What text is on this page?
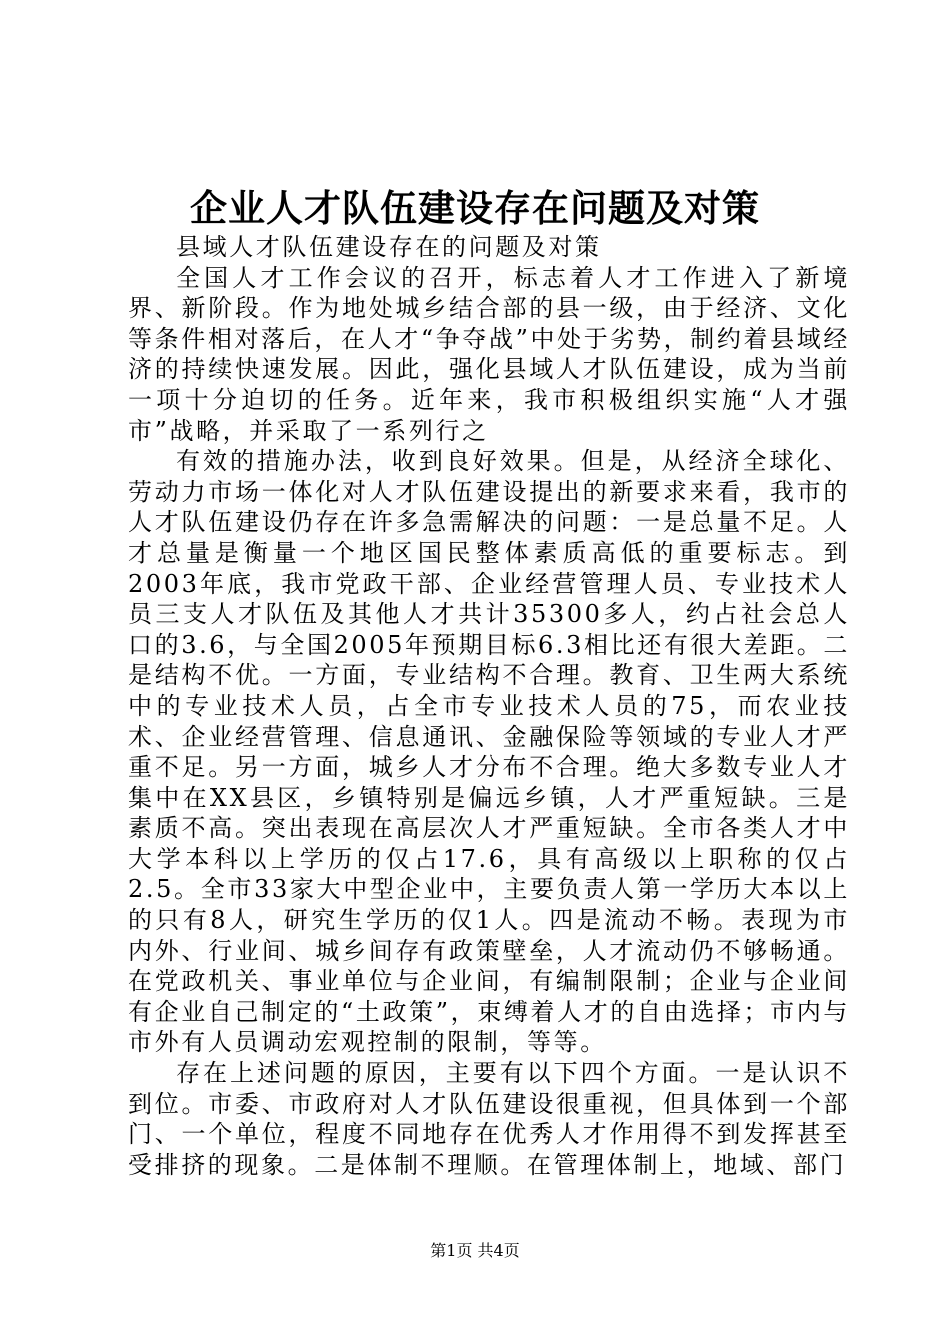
企业人才队伍建设存在问题及对策

县域人才队伍建设存在的问题及对策

全国人才工作会议的召开，标志着人才工作进入了新境界、新阶段。作为地处城乡结合部的县一级，由于经济、文化等条件相对落后，在人才“争夺战”中处于劣势，制约着县域经济的持续快速发展。因此，强化县域人才队伍建设，成为当前一项十分迫切的任务。近年来，我市积极组织实施“人才强市”战略，并采取了一系列行之

有效的措施办法，收到良好效果。但是，从经济全球化、劳动力市场一体化对人才队伍建设提出的新要求来看，我市的人才队伍建设仍存在许多急需解决的问题：一是总量不足。人才总量是衡量一个地区国民整体素质高低的重要标志。到2003年底，我市党政干部、企业经营管理人员、专业技术人员三支人才队伍及其他人才共计35300多人，约占社会总人口的3.6，与全国2005年预期目标6.3相比还有很大差距。二是结构不优。一方面，专业结构不合理。教育、卫生两大系统中的专业技术人员，占全市专业技术人员的75，而农业技术、企业经营管理、信息通讯、金融保险等领域的专业人才严重不足。另一方面，城乡人才分布不合理。绝大多数专业人才集中在XX县区，乡镇特别是偏远乡镇，人才严重短缺。三是素质不高。突出表现在高层次人才严重短缺。全市各类人才中大学本科以上学历的仅占17.6，具有高级以上职称的仅占2.5。全市33家大中型企业中，主要负责人第一学历大本以上的只有8人，研究生学历的仅1人。四是流动不畅。表现为市内外、行业间、城乡间存有政策壁垒，人才流动仍不够畅通。在党政机关、事业单位与企业间，有编制限制；企业与企业间有企业自己制定的“土政策”，束缚着人才的自由选择；市内与市外有人员调动宏观控制的限制，等等。

存在上述问题的原因，主要有以下四个方面。一是认识不到位。市委、市政府对人才队伍建设很重视，但具体到一个部门、一个单位，程度不同地存在优秀人才作用得不到发挥甚至受排挤的现象。二是体制不理顺。在管理体制上，地域、部门

第1页 共4页
